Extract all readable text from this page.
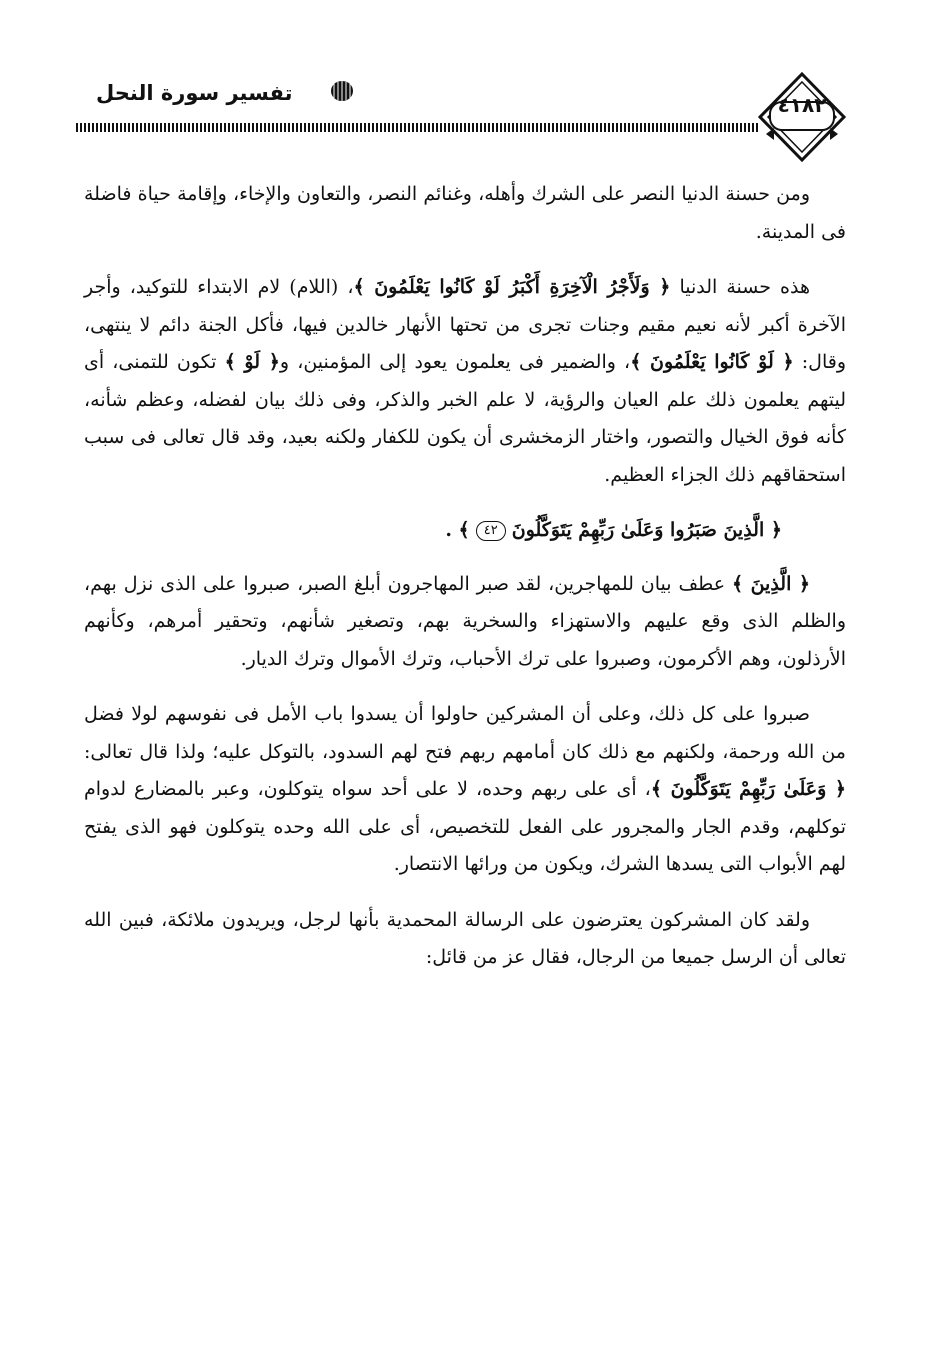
تفسير سورة النحل	٤١٨٢

ومن حسنة الدنيا النصر على الشرك وأهله، وغنائم النصر، والتعاون والإخاء، وإقامة حياة فاضلة فى المدينة.

هذه حسنة الدنيا ﴿ وَلَأَجْرُ الْآخِرَةِ أَكْبَرُ لَوْ كَانُوا يَعْلَمُونَ ﴾، (اللام) لام الابتداء للتوكيد، وأجر الآخرة أكبر لأنه نعيم مقيم وجنات تجرى من تحتها الأنهار خالدين فيها، فأكل الجنة دائم لا ينتهى، وقال: ﴿ لَوْ كَانُوا يَعْلَمُونَ ﴾، والضمير فى يعلمون يعود إلى المؤمنين، و﴿ لَوْ ﴾ تكون للتمنى، أى ليتهم يعلمون ذلك علم العيان والرؤية، لا علم الخبر والذكر، وفى ذلك بيان لفضله، وعظم شأنه، كأنه فوق الخيال والتصور، واختار الزمخشرى أن يكون للكفار ولكنه بعيد، وقد قال تعالى فى سبب استحقاقهم ذلك الجزاء العظيم.

﴿ الَّذِينَ صَبَرُوا وَعَلَىٰ رَبِّهِمْ يَتَوَكَّلُونَ ٤٢ ﴾ .

﴿ الَّذِينَ ﴾ عطف بيان للمهاجرين، لقد صبر المهاجرون أبلغ الصبر، صبروا على الذى نزل بهم، والظلم الذى وقع عليهم والاستهزاء والسخرية بهم، وتصغير شأنهم، وتحقير أمرهم، وكأنهم الأرذلون، وهم الأكرمون، وصبروا على ترك الأحباب، وترك الأموال وترك الديار.

صبروا على كل ذلك، وعلى أن المشركين حاولوا أن يسدوا باب الأمل فى نفوسهم لولا فضل من الله ورحمة، ولكنهم مع ذلك كان أمامهم ربهم فتح لهم السدود، بالتوكل عليه؛ ولذا قال تعالى: ﴿ وَعَلَىٰ رَبِّهِمْ يَتَوَكَّلُونَ ﴾، أى على ربهم وحده، لا على أحد سواه يتوكلون، وعبر بالمضارع لدوام توكلهم، وقدم الجار والمجرور على الفعل للتخصيص، أى على الله وحده يتوكلون فهو الذى يفتح لهم الأبواب التى يسدها الشرك، ويكون من ورائها الانتصار.

ولقد كان المشركون يعترضون على الرسالة المحمدية بأنها لرجل، ويريدون ملائكة، فبين الله تعالى أن الرسل جميعا من الرجال، فقال عز من قائل:
